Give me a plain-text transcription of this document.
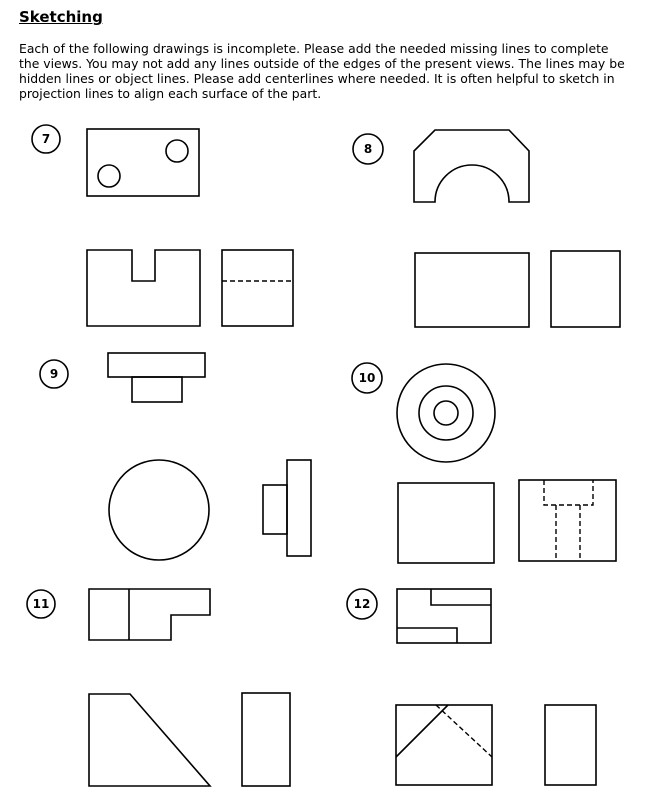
Sketching

Each of the following drawings is incomplete. Please add the needed missing lines to complete the views. You may not add any lines outside of the edges of the present views. The lines may be hidden lines or object lines. Please add centerlines where needed. It is often helpful to sketch in projection lines to align each surface of the part.

7
8
9	10
11	12
